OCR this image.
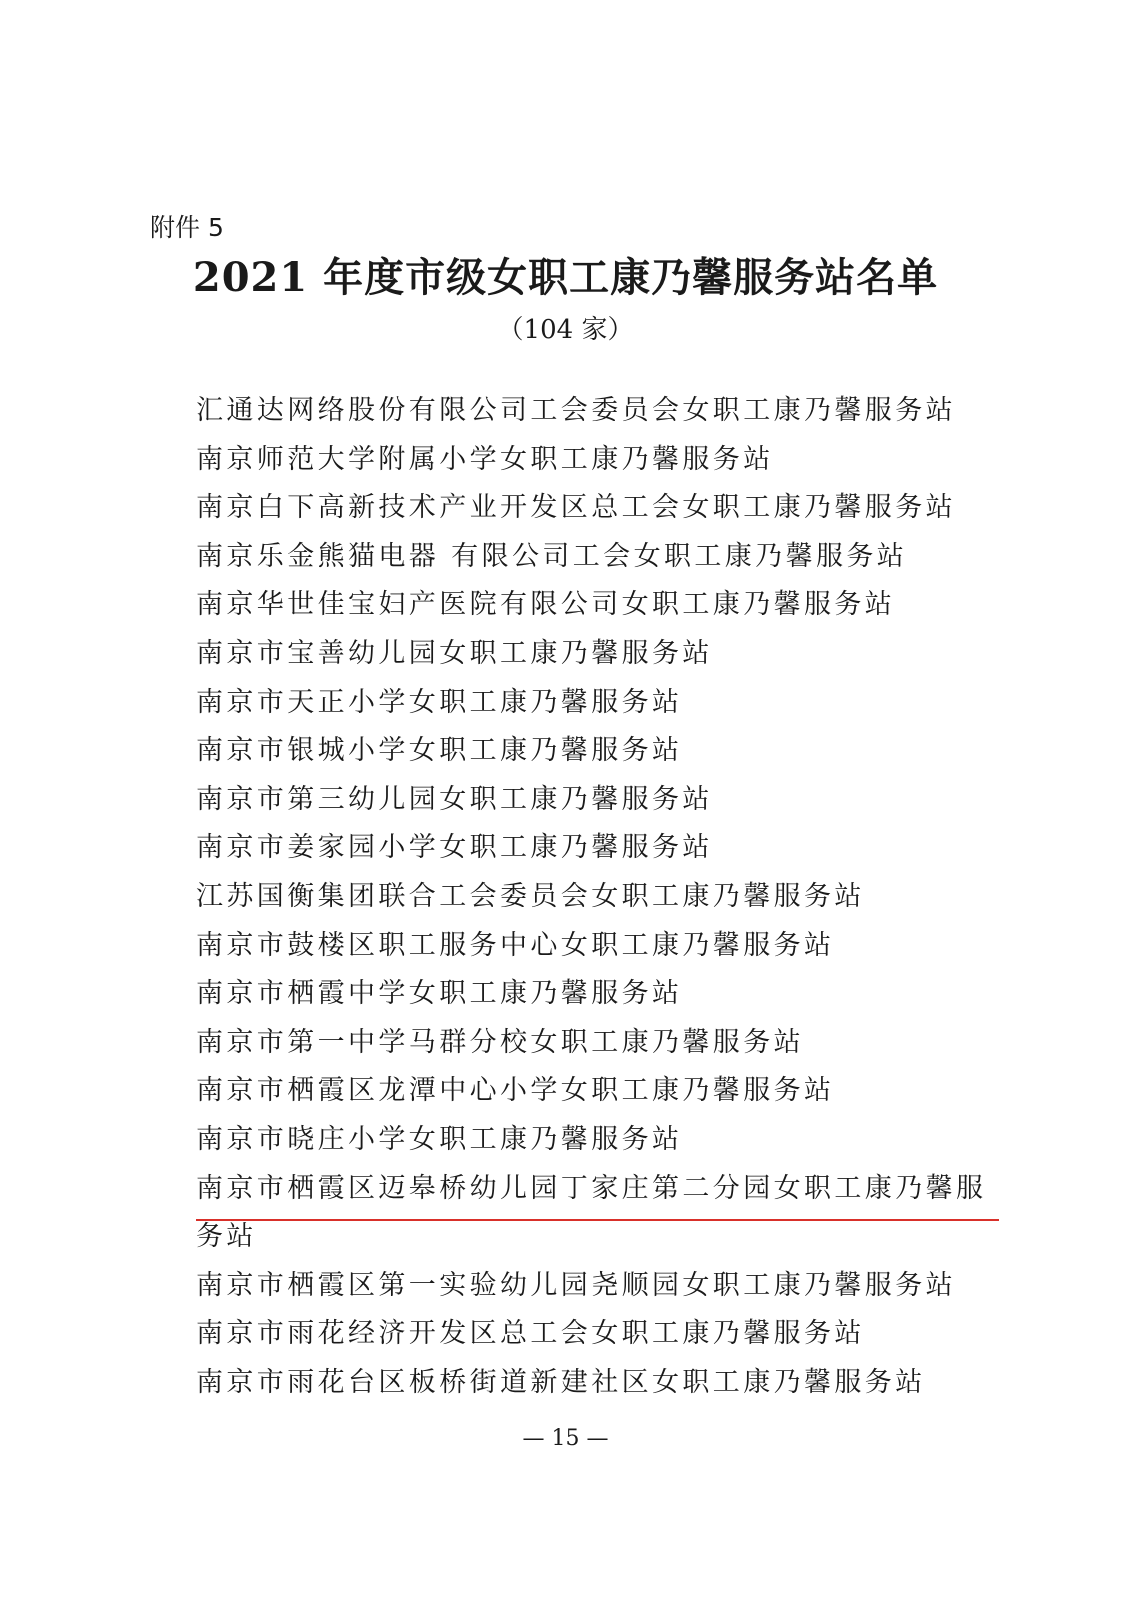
附件 5
2021 年度市级女职工康乃馨服务站名单
（104 家）
汇通达网络股份有限公司工会委员会女职工康乃馨服务站
南京师范大学附属小学女职工康乃馨服务站
南京白下高新技术产业开发区总工会女职工康乃馨服务站
南京乐金熊猫电器 有限公司工会女职工康乃馨服务站
南京华世佳宝妇产医院有限公司女职工康乃馨服务站
南京市宝善幼儿园女职工康乃馨服务站
南京市天正小学女职工康乃馨服务站
南京市银城小学女职工康乃馨服务站
南京市第三幼儿园女职工康乃馨服务站
南京市姜家园小学女职工康乃馨服务站
江苏国衡集团联合工会委员会女职工康乃馨服务站
南京市鼓楼区职工服务中心女职工康乃馨服务站
南京市栖霞中学女职工康乃馨服务站
南京市第一中学马群分校女职工康乃馨服务站
南京市栖霞区龙潭中心小学女职工康乃馨服务站
南京市晓庄小学女职工康乃馨服务站
南京市栖霞区迈皋桥幼儿园丁家庄第二分园女职工康乃馨服务站
南京市栖霞区第一实验幼儿园尧顺园女职工康乃馨服务站
南京市雨花经济开发区总工会女职工康乃馨服务站
南京市雨花台区板桥街道新建社区女职工康乃馨服务站
— 15 —
